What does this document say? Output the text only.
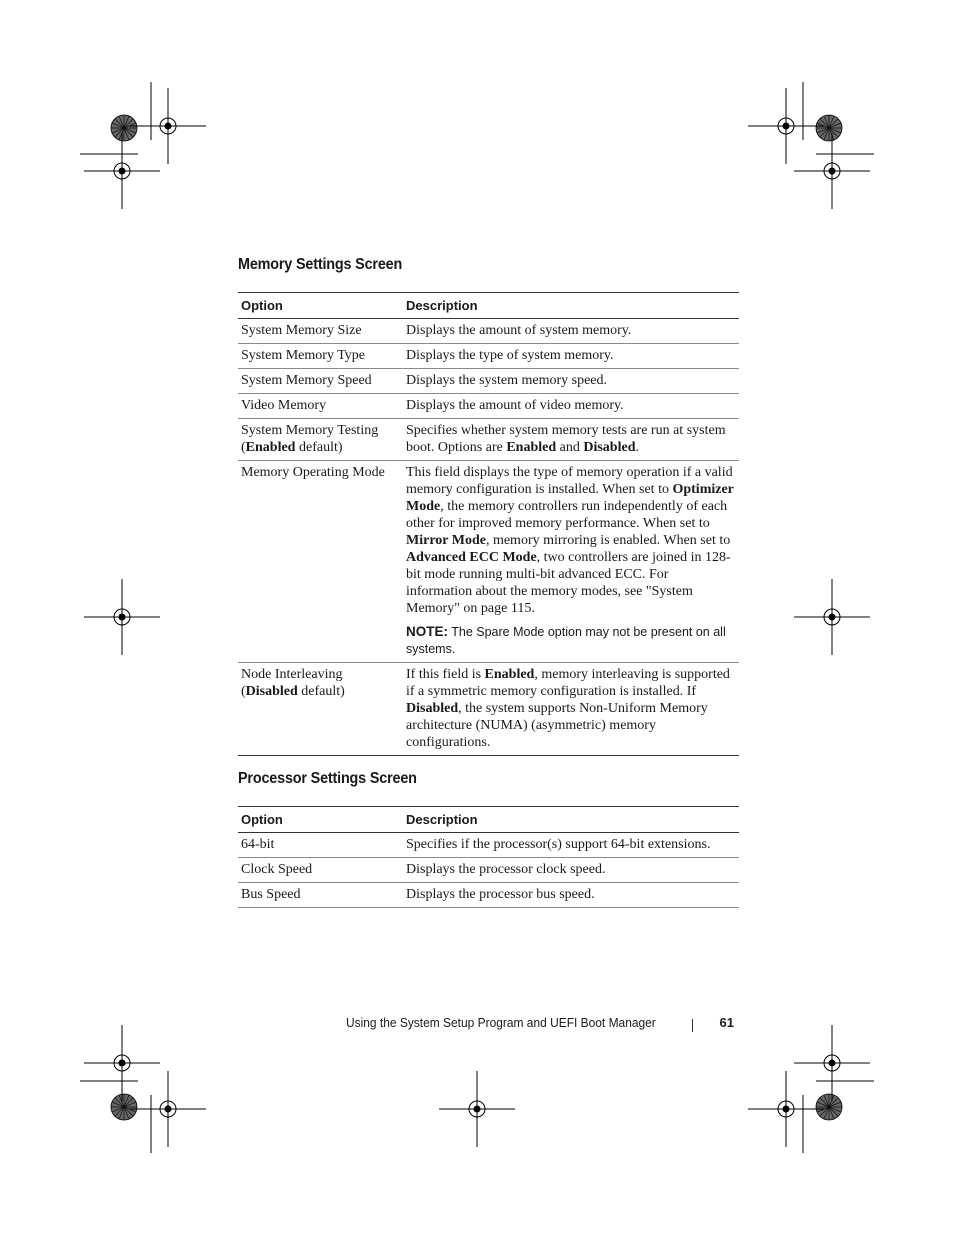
Memory Settings Screen
Option	Description
System Memory Size	Displays the amount of system memory.
System Memory Type	Displays the type of system memory.
System Memory Speed	Displays the system memory speed.
Video Memory	Displays the amount of video memory.
System Memory Testing
(Enabled default)	Specifies whether system memory tests are run at system boot. Options are Enabled and Disabled.
Memory Operating Mode	This field displays the type of memory operation if a valid memory configuration is installed. When set to Optimizer Mode, the memory controllers run independently of each other for improved memory performance. When set to Mirror Mode, memory mirroring is enabled. When set to Advanced ECC Mode, two controllers are joined in 128-bit mode running multi-bit advanced ECC. For information about the memory modes, see "System Memory" on page 115.
NOTE: The Spare Mode option may not be present on all systems.

Node Interleaving
(Disabled default)	If this field is Enabled, memory interleaving is supported if a symmetric memory configuration is installed. If Disabled, the system supports Non-Uniform Memory architecture (NUMA) (asymmetric) memory configurations.
Processor Settings Screen
Option	Description
64-bit	Specifies if the processor(s) support 64-bit extensions.
Clock Speed	Displays the processor clock speed.
Bus Speed	Displays the processor bus speed.
Using the System Setup Program and UEFI Boot Manager	61
